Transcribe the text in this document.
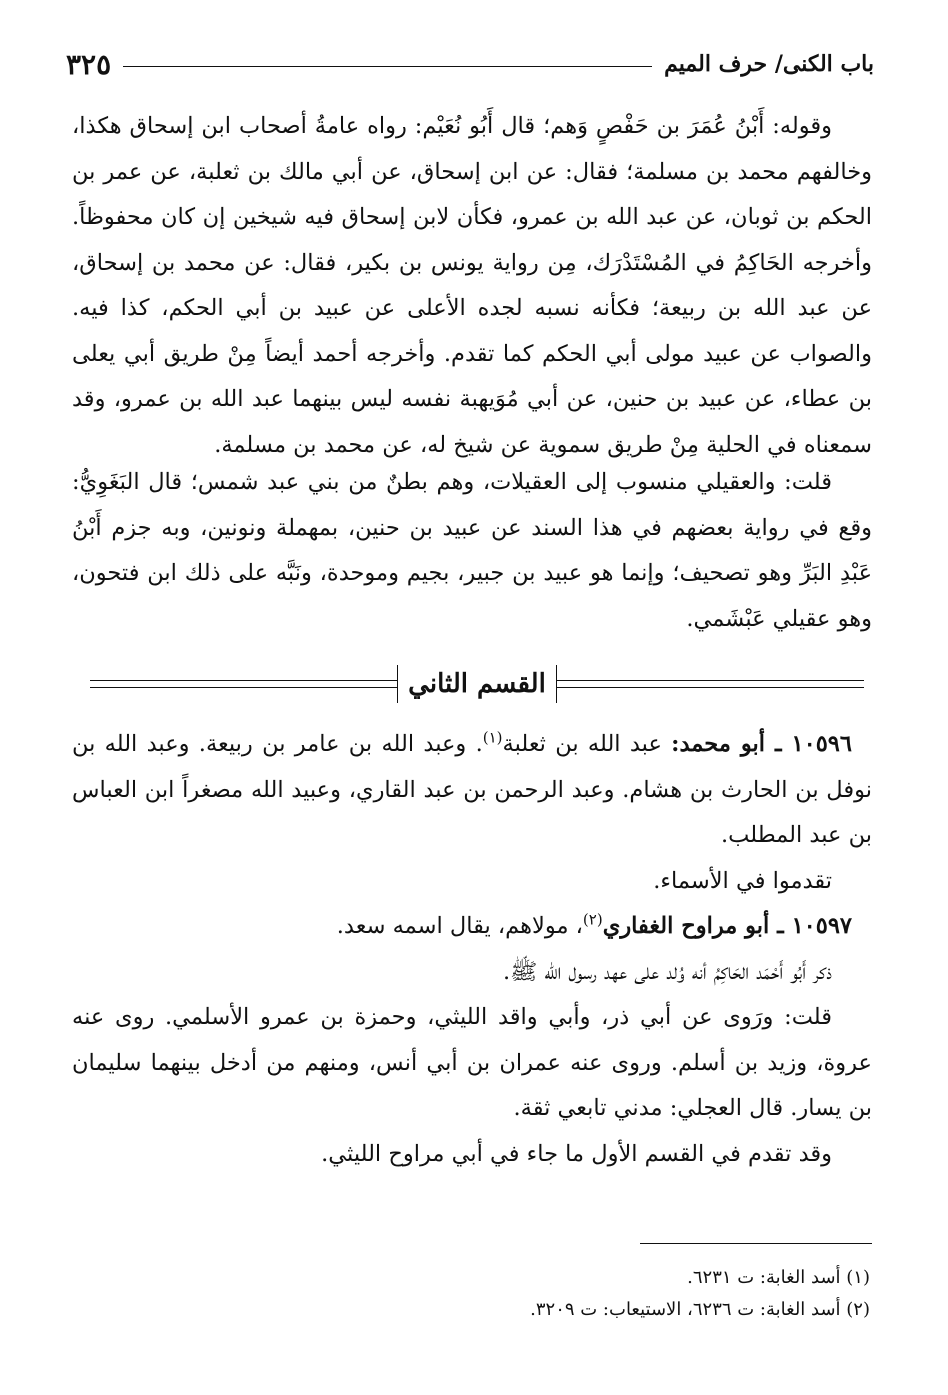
باب الكنى/ حرف الميم
٣٢٥

وقوله: أَبْنُ عُمَرَ بن حَفْصٍ وَهم؛ قال أَبُو نُعَيْم: رواه عامةُ أصحاب ابن إسحاق هكذا، وخالفهم محمد بن مسلمة؛ فقال: عن ابن إسحاق، عن أبي مالك بن ثعلبة، عن عمر بن الحكم بن ثوبان، عن عبد الله بن عمرو، فكأن لابن إسحاق فيه شيخين إن كان محفوظاً. وأخرجه الحَاكِمُ في المُسْتَدْرَك، مِن رواية يونس بن بكير، فقال: عن محمد بن إسحاق، عن عبد الله بن ربيعة؛ فكأنه نسبه لجده الأعلى عن عبيد بن أبي الحكم، كذا فيه. والصواب عن عبيد مولى أبي الحكم كما تقدم. وأخرجه أحمد أيضاً مِنْ طريق أبي يعلى بن عطاء، عن عبيد بن حنين، عن أبي مُوَيهبة نفسه ليس بينهما عبد الله بن عمرو، وقد سمعناه في الحلية مِنْ طريق سموية عن شيخ له، عن محمد بن مسلمة.

قلت: والعقيلي منسوب إلى العقيلات، وهم بطنٌ من بني عبد شمس؛ قال البَغَوِيُّ: وقع في رواية بعضهم في هذا السند عن عبيد بن حنين، بمهملة ونونين، وبه جزم أَبْنُ عَبْدِ البَرِّ وهو تصحيف؛ وإنما هو عبيد بن جبير، بجيم وموحدة، ونَبَّه على ذلك ابن فتحون، وهو عقيلي عَبْشَمي.

القسم الثاني

١٠٥٩٦ ـ أبو محمد: عبد الله بن ثعلبة$^{(١)}$. وعبد الله بن عامر بن ربيعة. وعبد الله بن نوفل بن الحارث بن هشام. وعبد الرحمن بن عبد القاري، وعبيد الله مصغراً ابن العباس بن عبد المطلب.

تقدموا في الأسماء.

١٠٥٩٧ ـ أبو مراوح الغفاري$^{(٢)}$، مولاهم، يقال اسمه سعد.

ذكر أَبُو أَحْمَد الحَاكِمُ أنه وُلد على عهد رسول الله ﷺ.

قلت: ورَوى عن أبي ذر، وأبي واقد الليثي، وحمزة بن عمرو الأسلمي. روى عنه عروة، وزيد بن أسلم. وروى عنه عمران بن أبي أنس، ومنهم من أدخل بينهما سليمان بن يسار. قال العجلي: مدني تابعي ثقة.

وقد تقدم في القسم الأول ما جاء في أبي مراوح الليثي.

(١) أسد الغابة: ت ٦٢٣١.
(٢) أسد الغابة: ت ٦٢٣٦، الاستيعاب: ت ٣٢٠٩.
